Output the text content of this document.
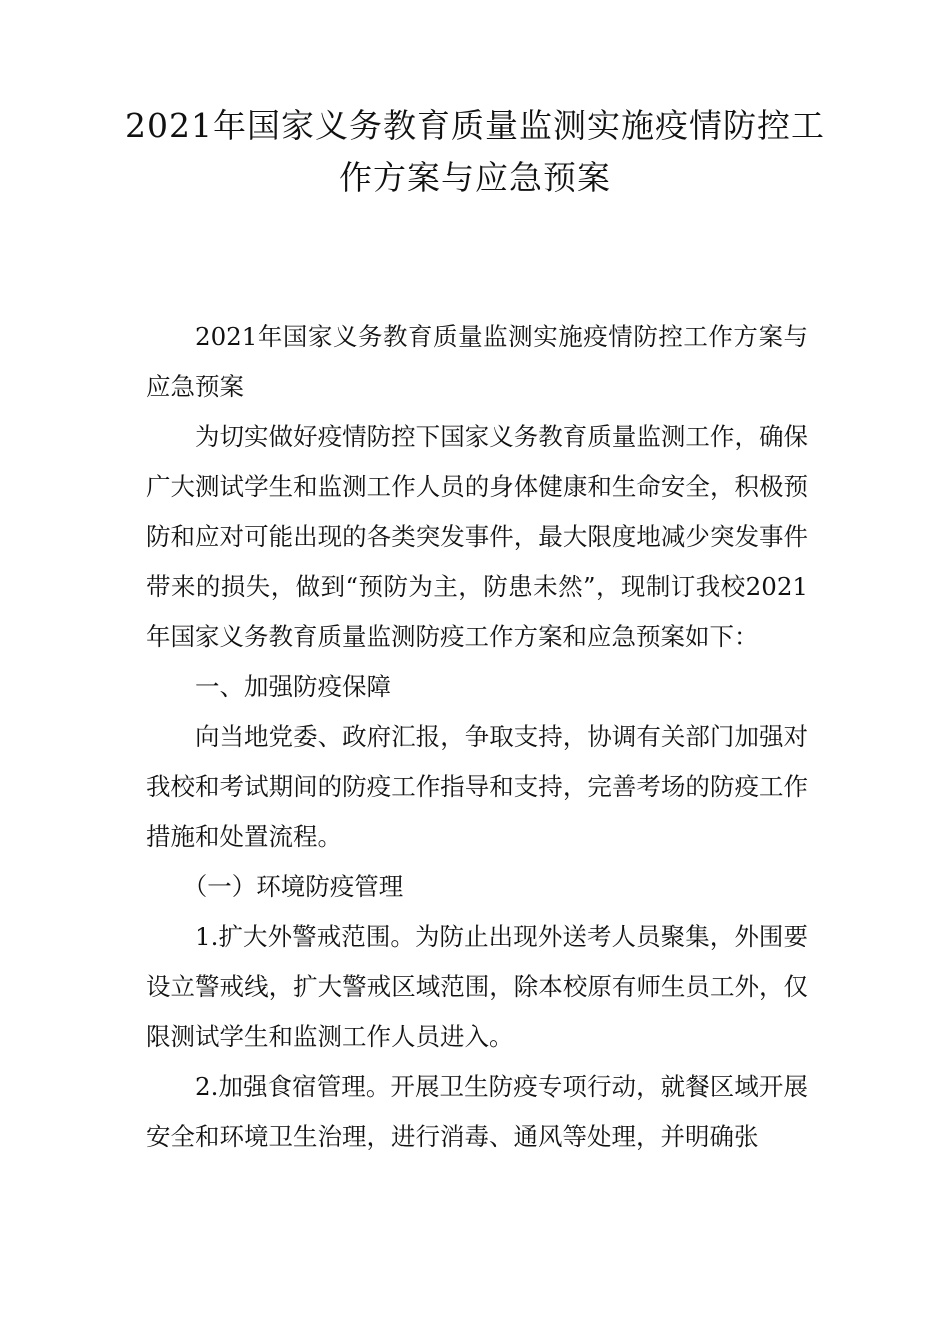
2021年国家义务教育质量监测实施疫情防控工作方案与应急预案

2021年国家义务教育质量监测实施疫情防控工作方案与应急预案

为切实做好疫情防控下国家义务教育质量监测工作，确保广大测试学生和监测工作人员的身体健康和生命安全，积极预防和应对可能出现的各类突发事件，最大限度地减少突发事件带来的损失，做到“预防为主，防患未然”，现制订我校2021年国家义务教育质量监测防疫工作方案和应急预案如下：

一、加强防疫保障

向当地党委、政府汇报，争取支持，协调有关部门加强对我校和考试期间的防疫工作指导和支持，完善考场的防疫工作措施和处置流程。

（一）环境防疫管理

1.扩大外警戒范围。为防止出现外送考人员聚集，外围要设立警戒线，扩大警戒区域范围，除本校原有师生员工外，仅限测试学生和监测工作人员进入。

2.加强食宿管理。开展卫生防疫专项行动，就餐区域开展安全和环境卫生治理，进行消毒、通风等处理，并明确张
